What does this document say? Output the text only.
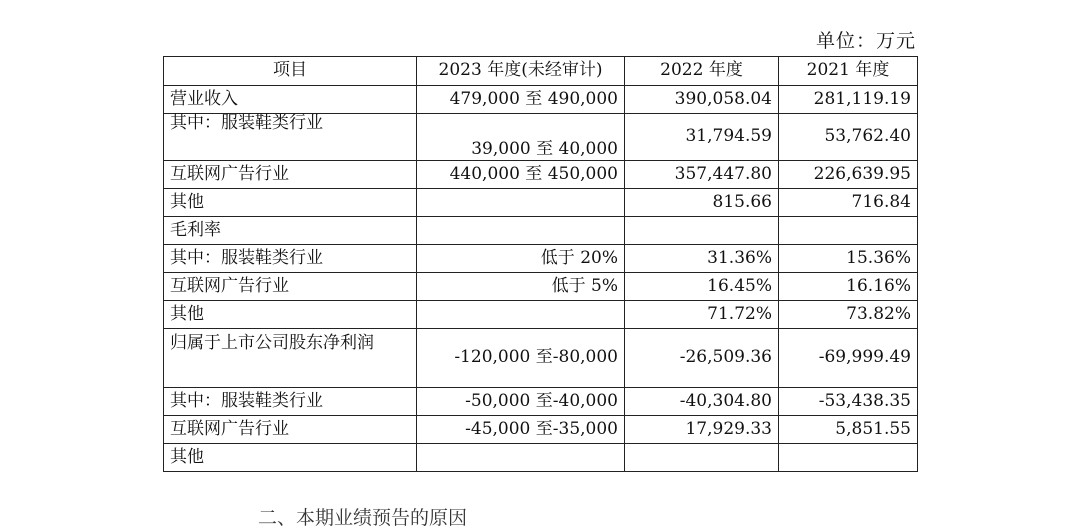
单位：万元
项目	2023 年度(未经审计)	2022 年度	2021 年度
营业收入	479,000 至 490,000	390,058.04	281,119.19
其中：服装鞋类行业	39,000 至 40,000	31,794.59	53,762.40
互联网广告行业	440,000 至 450,000	357,447.80	226,639.95
其他		815.66	716.84
毛利率			
其中：服装鞋类行业	低于 20%	31.36%	15.36%
互联网广告行业	低于 5%	16.45%	16.16%
其他		71.72%	73.82%
归属于上市公司股东净利润	-120,000 至-80,000	-26,509.36	-69,999.49
其中：服装鞋类行业	-50,000 至-40,000	-40,304.80	-53,438.35
互联网广告行业	-45,000 至-35,000	17,929.33	5,851.55
其他			
二、本期业绩预告的原因
